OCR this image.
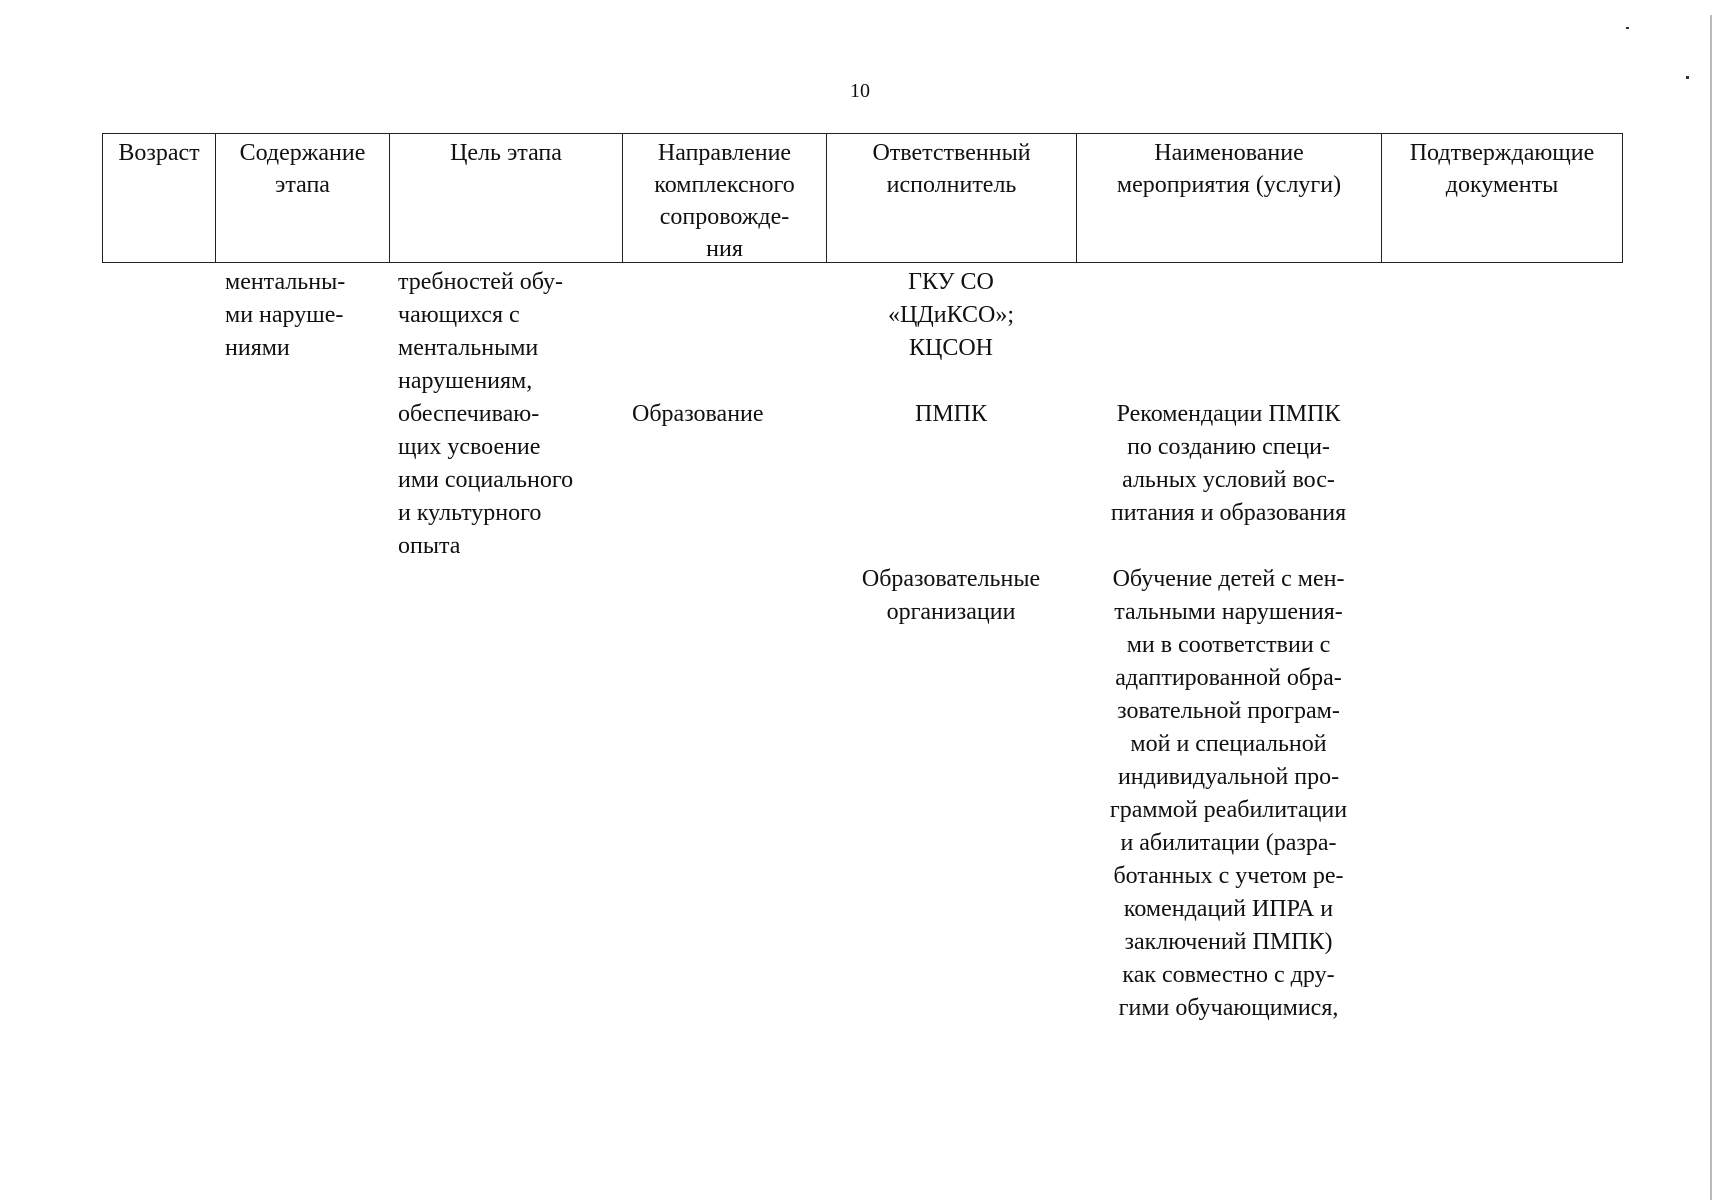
10
Возраст	Содержание
этапа
Цель этапа	Направление
комплексного
сопровожде-
ния
Ответственный
исполнитель
Наименование
мероприятия (услуги)
Подтверждающие
документы
ментальны-
ми наруше-
ниями
требностей обу-
чающихся с
ментальными
нарушениям,
обеспечиваю-
щих усвоение
ими социального
и культурного
опыта
Образование
ГКУ СО
«ЦДиКСО»;
КЦСОН
ПМПК
Образовательные
организации
Рекомендации ПМПК
по созданию специ-
альных условий вос-
питания и образования
Обучение детей с мен-
тальными нарушения-
ми в соответствии с
адаптированной обра-
зовательной програм-
мой и специальной
индивидуальной про-
граммой реабилитации
и абилитации (разра-
ботанных с учетом ре-
комендаций ИПРА и
заключений ПМПК)
как совместно с дру-
гими обучающимися,
